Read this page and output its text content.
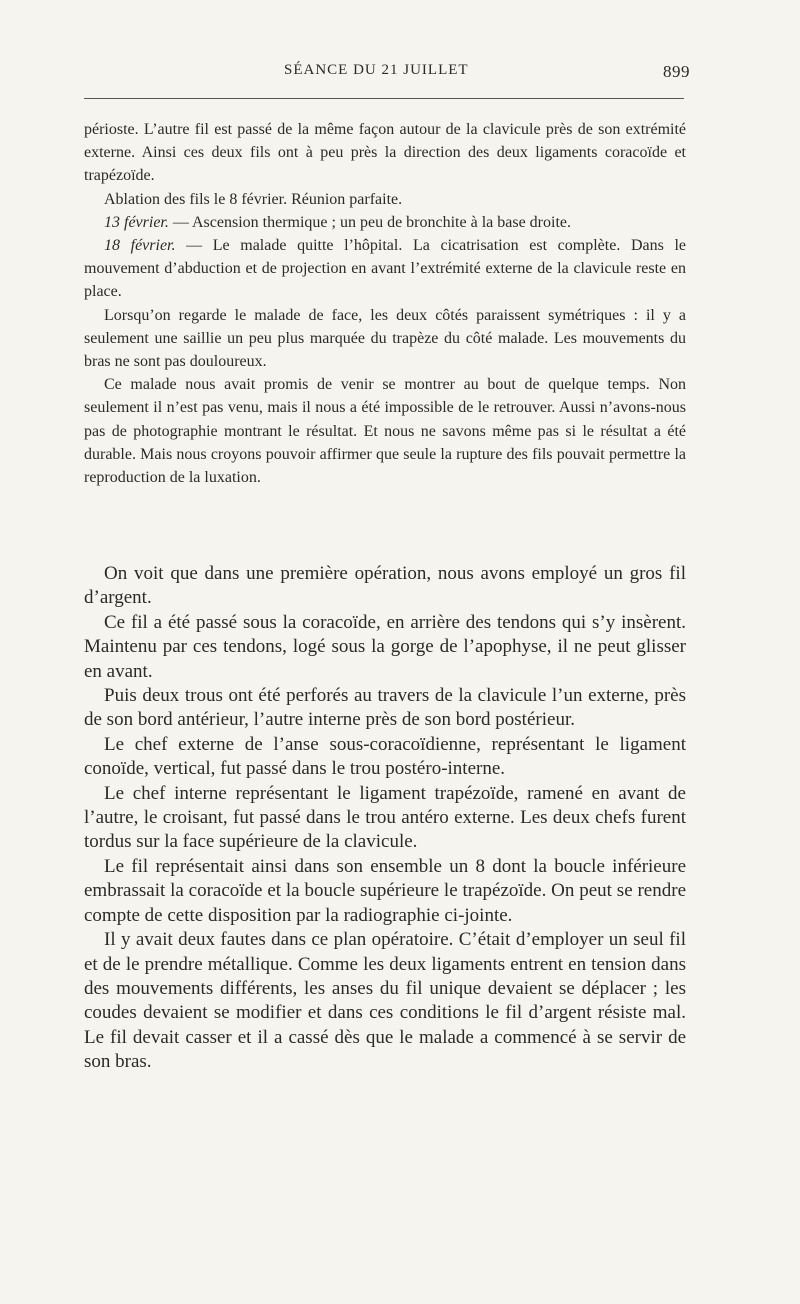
SÉANCE DU 21 JUILLET	899

périoste. L’autre fil est passé de la même façon autour de la clavicule près de son extrémité externe. Ainsi ces deux fils ont à peu près la direction des deux ligaments coracoïde et trapézoïde.

Ablation des fils le 8 février. Réunion parfaite.

13 février. — Ascension thermique ; un peu de bronchite à la base droite.

18 février. — Le malade quitte l’hôpital. La cicatrisation est complète. Dans le mouvement d’abduction et de projection en avant l’extrémité externe de la clavicule reste en place.

Lorsqu’on regarde le malade de face, les deux côtés paraissent symétriques : il y a seulement une saillie un peu plus marquée du trapèze du côté malade. Les mouvements du bras ne sont pas douloureux.

Ce malade nous avait promis de venir se montrer au bout de quelque temps. Non seulement il n’est pas venu, mais il nous a été impossible de le retrouver. Aussi n’avons-nous pas de photographie montrant le résultat. Et nous ne savons même pas si le résultat a été durable. Mais nous croyons pouvoir affirmer que seule la rupture des fils pouvait permettre la reproduction de la luxation.

On voit que dans une première opération, nous avons employé un gros fil d’argent.

Ce fil a été passé sous la coracoïde, en arrière des tendons qui s’y insèrent. Maintenu par ces tendons, logé sous la gorge de l’apophyse, il ne peut glisser en avant.

Puis deux trous ont été perforés au travers de la clavicule l’un externe, près de son bord antérieur, l’autre interne près de son bord postérieur.

Le chef externe de l’anse sous-coracoïdienne, représentant le ligament conoïde, vertical, fut passé dans le trou postéro-interne.

Le chef interne représentant le ligament trapézoïde, ramené en avant de l’autre, le croisant, fut passé dans le trou antéro externe. Les deux chefs furent tordus sur la face supérieure de la clavicule.

Le fil représentait ainsi dans son ensemble un 8 dont la boucle inférieure embrassait la coracoïde et la boucle supérieure le trapézoïde. On peut se rendre compte de cette disposition par la radiographie ci-jointe.

Il y avait deux fautes dans ce plan opératoire. C’était d’employer un seul fil et de le prendre métallique. Comme les deux ligaments entrent en tension dans des mouvements différents, les anses du fil unique devaient se déplacer ; les coudes devaient se modifier et dans ces conditions le fil d’argent résiste mal. Le fil devait casser et il a cassé dès que le malade a commencé à se servir de son bras.
